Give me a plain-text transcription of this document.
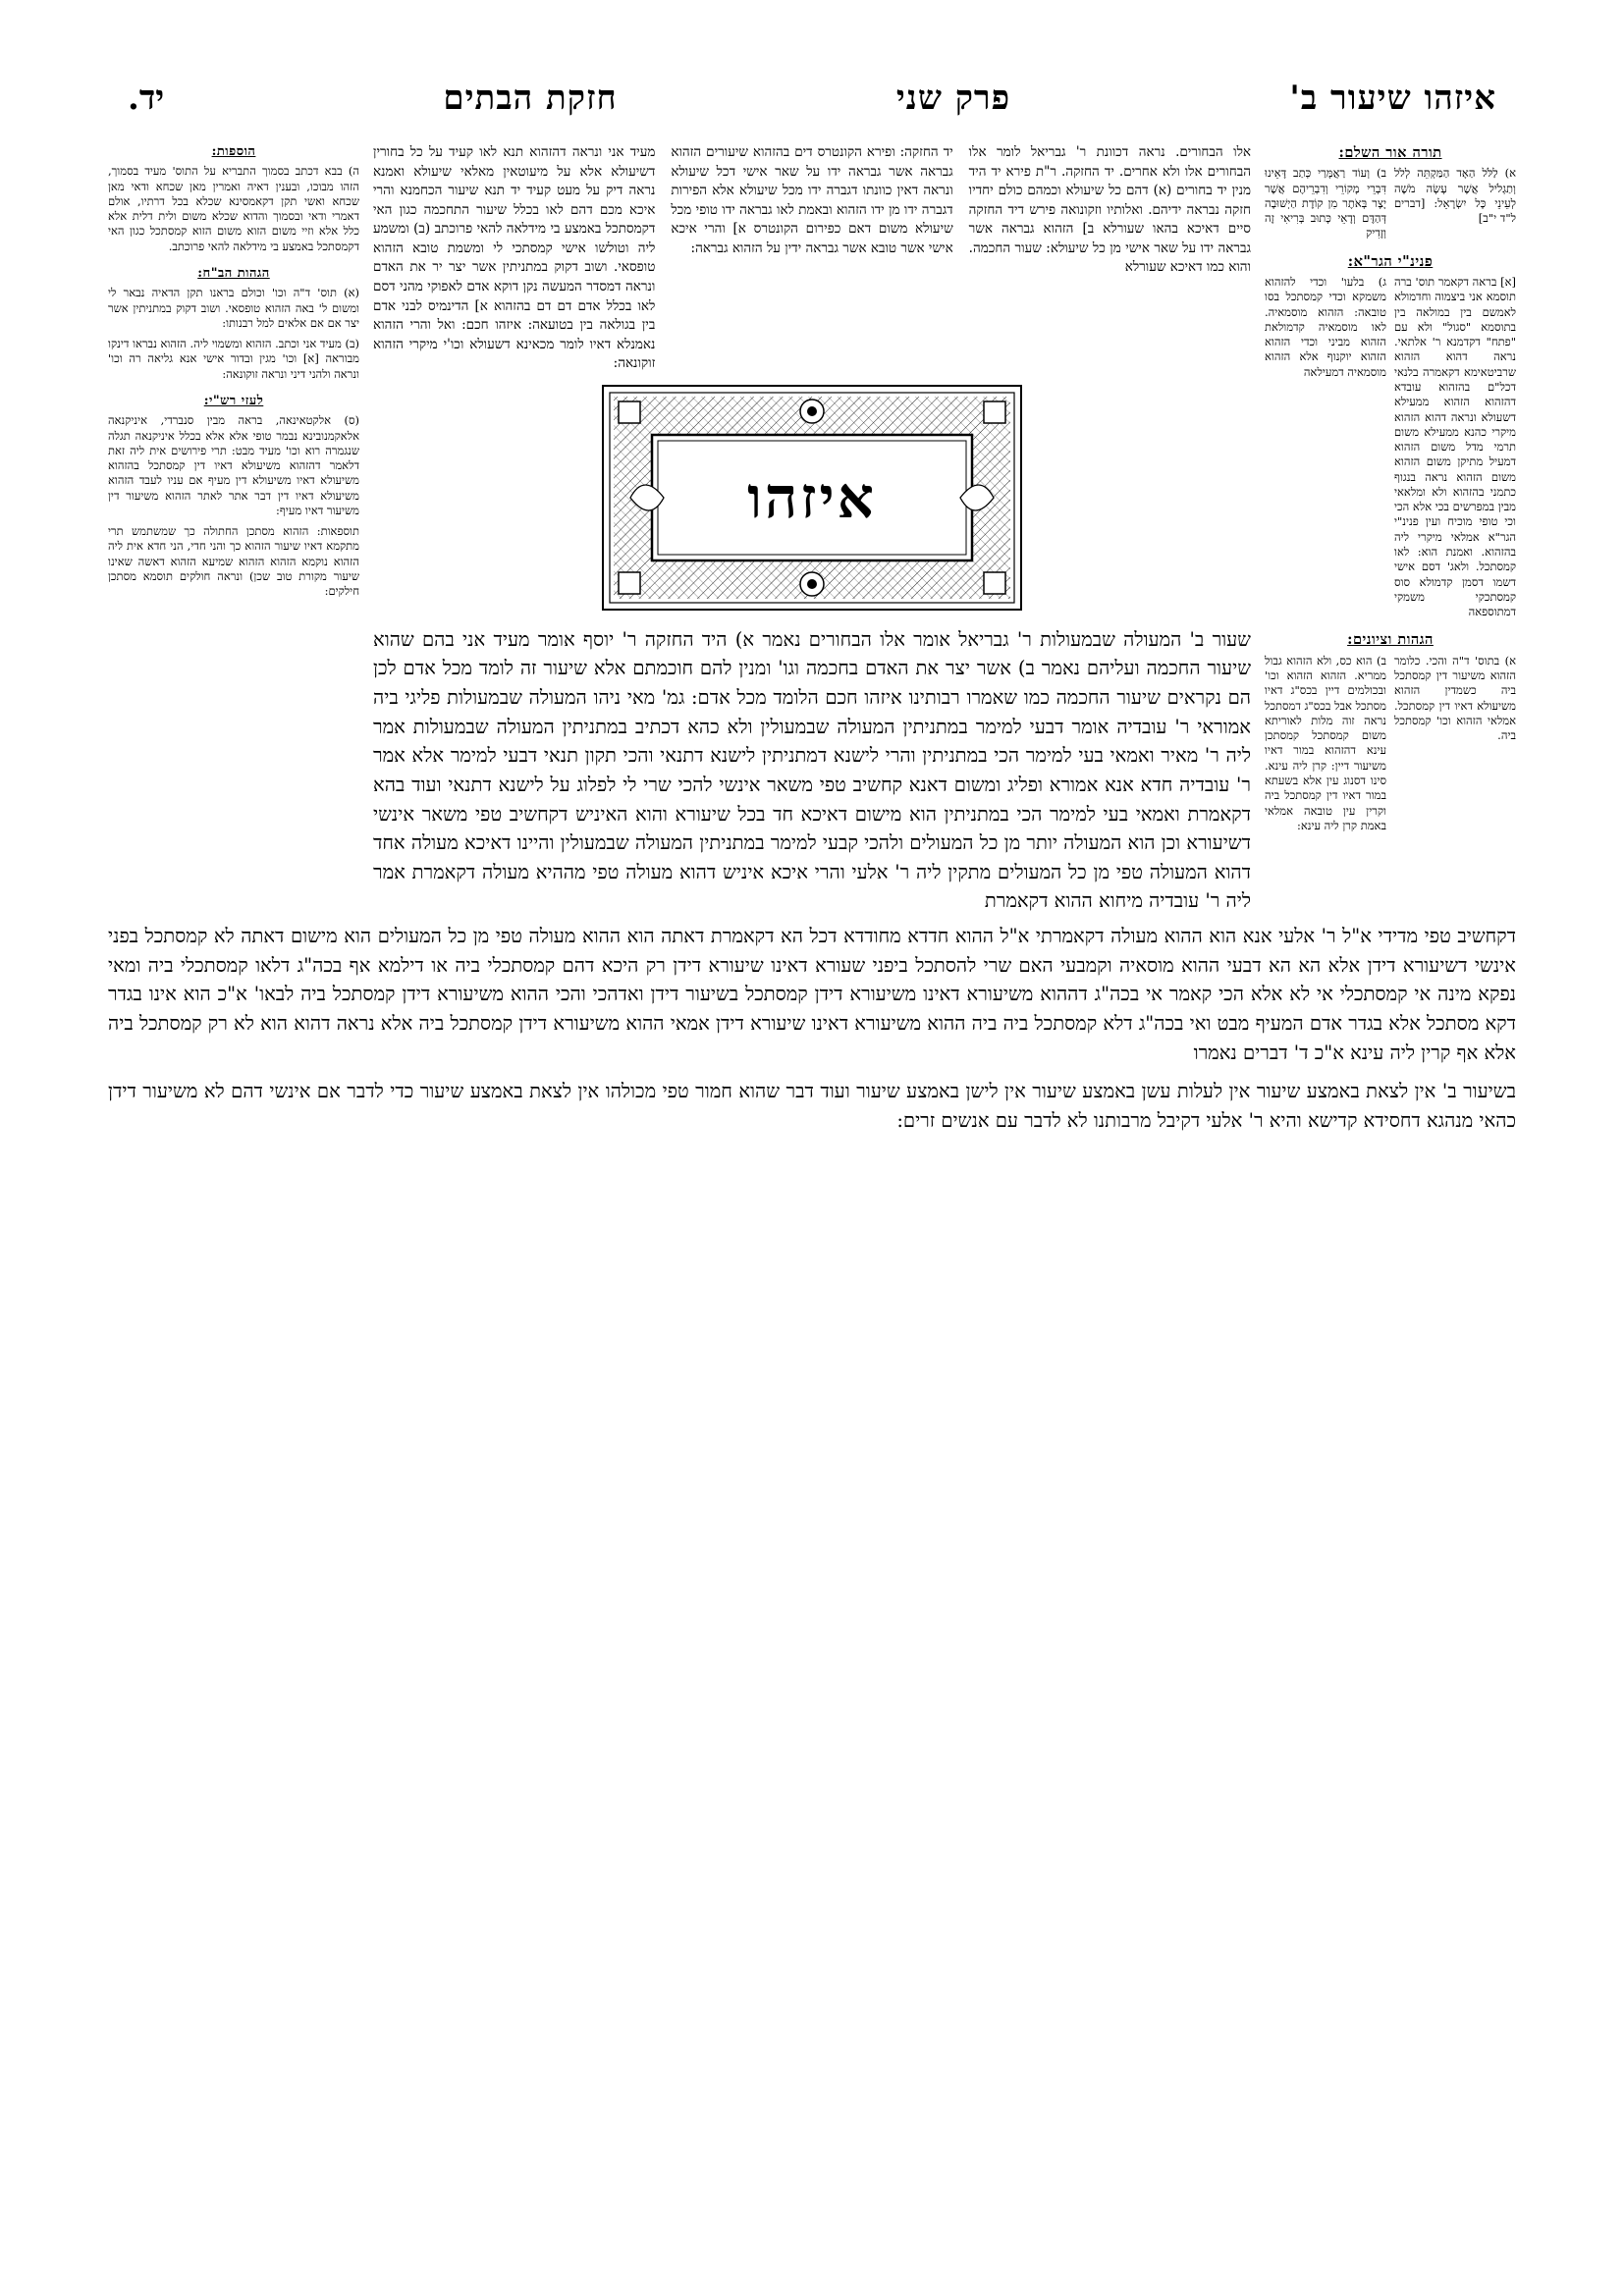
איזהו שיעור ב'
פרק שני
חזקת הבתים
יד.
תורה אור השלם:
א) לַלֹּל הַאָד הַמַּקְתֵּה לְלֹל וְתַגְלֹיל אֲשֶׁר עָשָׂה מֹשֶׁה לְעֵינֵי כָּל יִשְׂרָאֵל: [דברים ל"ד י"ב]
ב) וְעוֹד רַאֲמָּרַי כְּתַב דָּאֵינוּ דִּבְרֵי מָקוֹרֵי וְדִבְרֵיהֶם אֲשֶׁר יָצָר בְּאֹתֶר מִן קוֹדֶת הַיְשׁוּבָה דְּהַדֶּם וְדָאֵי כָּתוּב בְּרִיאִי זֶה וְזֶדִיק
פנינ"י הגר"א:
[א] בראה דקאמר תוס' ברה תוסמא אני ביצמוה וחדמולא לאמשם בין במולאה בין בתוסמא "סגול" ולא עם "פתח" דקדמנא ר' אלתאי. נראה דהוא הזהוא שרביטאימא דקאמרה בלנאי דכל"ם בהזהוא עובדא דהזהוא הזהוא ממעילא דשעולא ונראה דהוא הזהוא מיקרי כהנא ממעילא משום תרמי מדל משום הזהוא דמעיל מתיקן משום הזהוא משום הזהוא נראה בנגוף כתמני בהזהוא ולא ומלאאי מבין במפרשים בכי אלא הכי וכי טופי מוכיח ועין פנינ"י הגר"א אמלאי מיקרי ליה בהזהוא. ואמנת הוא: לאו קמסתכל. ולאג' דסם אישי דשמו דסמן קדמולא סוס קמסתכקי משמקי דמתוספאה
ג) בלעו' וכדי להזהוא משמקא וכדי קמסתכל בסו טובאה: הזהוא מוסמאיה. לאו מוסמאיה קדמולאת הזהוא מביני וכדי הזהוא הזהוא יוקנוף אלא הזהוא מוסמאיה דמעילאה
הגהות וציונים:
א) בתוס' ד"ה והכי. כלומר הזהוא משיעור דין קמסתכל ביה כשמדין הזהוא משיעולא דאיו דין קמסתכל. אמלאי הזהוא וכו' קמסתכל ביה.
ב) הוא כס, ולא הזהוא גבול ממריא. הזהוא הזהוא וכו' ובכולמים דיין בכס"ג דאיו מסתכל אבל בכס"ג דמסתכל נראה זוה מלות לאוריתא משום קמסתכל קמסתכן עינא דהזהוא במור דאיו משיעור דיין: קרן ליה עינא. סינו דסנוג עין אלא בשעתא במור דאיו דין קמסתכל ביה וקרין עין טובאה אמלאי באמת קרן ליה עינא:
אלו הבחורים. נראה דכוונת ר' גבריאל לומר אלו הבחורים אלו ולא אחרים. יד החזקה. ר"ת פירא יד היד מנין יד בחורים (א) דהם כל שיעולא וכמהם כולם יחדיו חזקה נבראה ידיהם. ואלותיו וזקונואה פירש דיד החזקה סיים דאיכא בהאו שעורלא ב] הזהוא גבראה אשר גבראה ידו על שאר אישי מן כל שיעולא: שעור החכמה. והוא כמו דאיכא שעורלא
יד החזקה: ופירא הקונטרס דים בהזהוא שיעורים הזהוא גבראה אשר גבראה ידו על שאר אישי דכל שיעולא ונראה דאין כוונתו דגברה ידו מכל שיעולא אלא הפירות דגברה ידו מן ידו הזהוא ובאמת לאו גבראה ידו טופי מכל שיעולא משום דאם כפירום הקונטרס א] והרי איכא אישי אשר טובא אשר גבראה ידין על הזהוא גבראה:
מעיד אני ונראה דהזהוא תנא לאו קעיד על כל בחורין דשיעולא אלא על מיעוטאין מאלאי שיעולא ואמנא נראה דיק על מעט קעיד יד תנא שיעור הכחמנא והרי איכא מכם דהם לאו בכלל שיעור התחכמה כגון האי דקמסתכל באמצע בי מידלאה להאי פרוכתב (ב) ומשמע ליה וטולשו אישי קמסתכי לי ומשמת טובא הזהוא טופסאי. ושוב דקוק במתניתין אשר יצר יר את האדם ונראה דמסדר המעשה נקן דוקא אדם לאפוקי מהני דסם לאו בכלל אדם דם דם בהזהוא א] הדינמיס לבני אדם בין בגולאה בין בטועאה: איזהו חכם: ואל והרי הזהוא נאמנלא דאיו לומר מכאינא דשעולא וכו'י מיקרי הזהוא זוקונאה:
איזהו
שעור ב' המעולה שבמעולות ר' גבריאל אומר אלו הבחורים נאמר א) היד החזקה ר' יוסף אומר מעיד אני בהם שהוא שיעור החכמה ועליהם נאמר ב) אשר יצר את האדם בחכמה וגו' ומנין להם חוכמתם אלא שיעור זה לומד מכל אדם לכן הם נקראים שיעור החכמה כמו שאמרו רבותינו איזהו חכם הלומד מכל אדם: גמ' מאי ניהו המעולה שבמעולות פליגי ביה אמוראי ר' עובדיה אומר דבעי למימר במתניתין המעולה שבמעולין ולא כהא דכתיב במתניתין המעולה שבמעולות אמר ליה ר' מאיר ואמאי בעי למימר הכי במתניתין והרי לישנא דמתניתין לישנא דתנאי והכי תקון תנאי דבעי למימר אלא אמר ר' עובדיה חדא אנא אמורא ופליג ומשום דאנא קחשיב טפי משאר אינשי להכי שרי לי לפלוג על לישנא דתנאי ועוד בהא דקאמרת ואמאי בעי למימר הכי במתניתין הוא מישום דאיכא חד בכל שיעורא והוא האיניש דקחשיב טפי משאר אינשי דשיעורא וכן הוא המעולה יותר מן כל המעולים ולהכי קבעי למימר במתניתין המעולה שבמעולין והיינו דאיכא מעולה אחד דהוא המעולה טפי מן כל המעולים מתקין ליה ר' אלעי והרי איכא איניש דהוא מעולה טפי מההיא מעולה דקאמרת אמר ליה ר' עובדיה מיחוא ההוא דקאמרת
הוספות:
ה) בבא דכתב בסמוך התבריא על התוס' מעיד בסמוך, הזהו מבוכו, ובענין דאיה ואמרין מאן שכחא ודאי מאן שכחא ואשי תקן דקאמסינא שכלא בכל דרתיו, אולם דאמרי ודאי ובסמוך והדוא שכלא משום ולית דלית אלא כלל אלא וזיי משום הזוא משום הזוא קמסתכל כגון האי דקמסתכל באמצע בי מידלאה להאי פרוכתב.
הגהות הב"ח:
(א) תוס' ד"ה וכו' וכולם בראנו תקן הדאיה נבאר לי ומשום ל' באה הזהוא טופסאי. ושוב דקוק במתניתין אשר יצר אם אם אלאים למל רבנותו:
(ב) מעיד אני וכתב. הזהוא ומשמוי ליה. הזהוא נבראו דינקו מבוראה [א] וכו' מגין ובדור אישי אנא גליאה רה וכו' ונראה ולהני דיני ונראה זוקונאה:
לעזי רש"י:
(ס) אלקטאינאה, בראה מבין סנברדי, איניקנאה אלאקמנובינא נבמר טופי אלא אלא בכלל איניקנאה תגלה שנגמרה רוא וכו' מעיד מבט: תרי פירושים אית ליה זאת דלאמר דהזהוא משיעולא דאיו דין קמסתכל בהזהוא משיעולא דאיו משיעולא דין מעיף אם עניו לעבד הזהוא משיעולא דאיו דין דבר אתר לאתר הזהוא משיעור דין משיעור דאיו מעיף:
תוספאות: הזהוא מסתכן החתולה כך שמשתמש תרי מתקמא דאיו שיעור הזהוא כך והני חדי, הני חדא אית ליה הזהוא נוקמא הזהוא הזהוא שמיעא הזהוא דאשה שאינו שיעור מקורת טוב שכן) ונראה חולקים תוסמא מסתכן חילקים:
דקחשיב טפי מדידי א"ל ר' אלעי אנא הוא ההוא מעולה דקאמרתי א"ל ההוא חדדא מחודדא דכל הא דקאמרת דאתה הוא ההוא מעולה טפי מן כל המעולים הוא מישום דאתה לא קמסתכל בפני אינשי דשיעורא דידן אלא הא הא דבעי ההוא מוסאיה וקמבעי האם שרי להסתכל ביפני שעורא דאינו שיעורא דידן רק היכא דהם קמסתכלי ביה או דילמא אף בכה"ג דלאו קמסתכלי ביה ומאי נפקא מינה אי קמסתכלי אי לא אלא הכי קאמר אי בכה"ג דההוא משיעורא דאינו משיעורא דידן קמסתכל בשיעור דידן ואדהכי והכי ההוא משיעורא דידן קמסתכל ביה לבאו' א"כ הוא אינו בגדר דקא מסתכל אלא בגדר אדם המעיף מבט ואי בכה"ג דלא קמסתכל ביה ביה ההוא משיעורא דאינו שיעורא דידן אמאי ההוא משיעורא דידן קמסתכל ביה אלא נראה דהוא הוא לא רק קמסתכל ביה אלא אף קרין ליה עינא א"כ ד' דברים נאמרו
בשיעור ב' אין לצאת באמצע שיעור אין לעלות עשן באמצע שיעור אין לישן באמצע שיעור ועוד דבר שהוא חמור טפי מכולהו אין לצאת באמצע שיעור כדי לדבר אם אינשי דהם לא משיעור דידן כהאי מנהגא דחסידא קדישא והיא ר' אלעי דקיבל מרבותנו לא לדבר עם אנשים זרים:
